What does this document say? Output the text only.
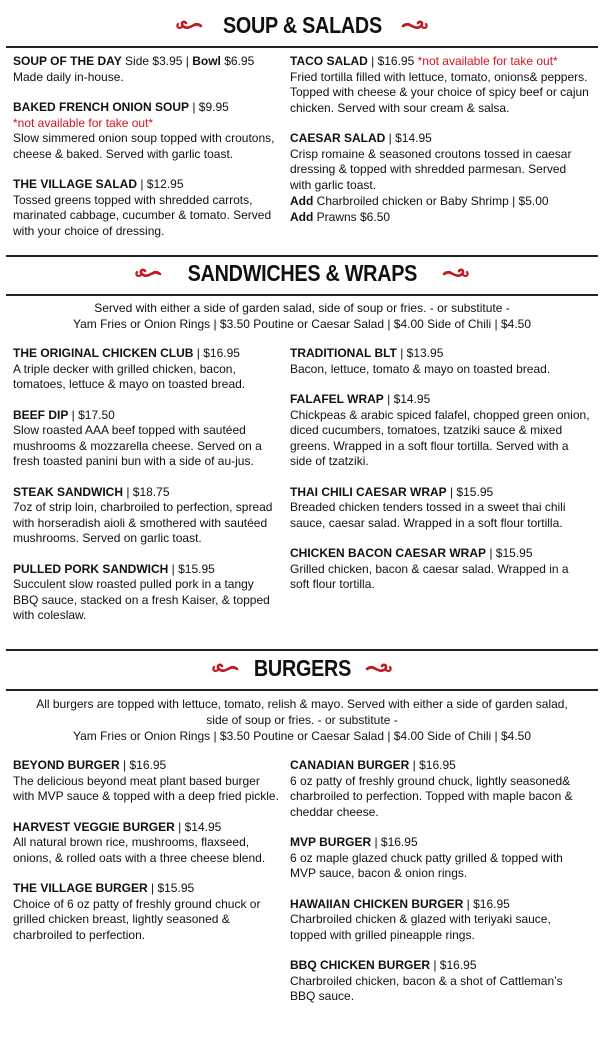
SOUP & SALADS
SOUP OF THE DAY Side $3.95 | Bowl $6.95
Made daily in-house.
BAKED FRENCH ONION SOUP | $9.95
*not available for take out*
Slow simmered onion soup topped with croutons, cheese & baked. Served with garlic toast.
THE VILLAGE SALAD | $12.95
Tossed greens topped with shredded carrots, marinated cabbage, cucumber & tomato. Served with your choice of dressing.
TACO SALAD | $16.95 *not available for take out*
Fried tortilla filled with lettuce, tomato, onions& peppers. Topped with cheese & your choice of spicy beef or cajun chicken. Served with sour cream & salsa.
CAESAR SALAD | $14.95
Crisp romaine & seasoned croutons tossed in caesar dressing & topped with shredded parmesan. Served with garlic toast.
Add Charbroiled chicken or Baby Shrimp | $5.00
Add Prawns $6.50
SANDWICHES & WRAPS
Served with either a side of garden salad, side of soup or fries. - or substitute -
Yam Fries or Onion Rings | $3.50 Poutine or Caesar Salad | $4.00 Side of Chili | $4.50
THE ORIGINAL CHICKEN CLUB | $16.95
A triple decker with grilled chicken, bacon, tomatoes, lettuce & mayo on toasted bread.
BEEF DIP | $17.50
Slow roasted AAA beef topped with sautéed mushrooms & mozzarella cheese. Served on a fresh toasted panini bun with a side of au-jus.
STEAK SANDWICH | $18.75
7oz of strip loin, charbroiled to perfection, spread with horseradish aioli & smothered with sautéed mushrooms. Served on garlic toast.
PULLED PORK SANDWICH | $15.95
Succulent slow roasted pulled pork in a tangy BBQ sauce, stacked on a fresh Kaiser, & topped with coleslaw.
TRADITIONAL BLT | $13.95
Bacon, lettuce, tomato & mayo on toasted bread.
FALAFEL WRAP | $14.95
Chickpeas & arabic spiced falafel, chopped green onion, diced cucumbers, tomatoes, tzatziki sauce & mixed greens. Wrapped in a soft flour tortilla. Served with a side of tzatziki.
THAI CHILI CAESAR WRAP | $15.95
Breaded chicken tenders tossed in a sweet thai chili sauce, caesar salad. Wrapped in a soft flour tortilla.
CHICKEN BACON CAESAR WRAP | $15.95
Grilled chicken, bacon & caesar salad. Wrapped in a soft flour tortilla.
BURGERS
All burgers are topped with lettuce, tomato, relish & mayo. Served with either a side of garden salad,
side of soup or fries. - or substitute -
Yam Fries or Onion Rings | $3.50 Poutine or Caesar Salad | $4.00 Side of Chili | $4.50
BEYOND BURGER | $16.95
The delicious beyond meat plant based burger with MVP sauce & topped with a deep fried pickle.
HARVEST VEGGIE BURGER | $14.95
All natural brown rice, mushrooms, flaxseed, onions, & rolled oats with a three cheese blend.
THE VILLAGE BURGER | $15.95
Choice of 6 oz patty of freshly ground chuck or grilled chicken breast, lightly seasoned & charbroiled to perfection.
CANADIAN BURGER | $16.95
6 oz patty of freshly ground chuck, lightly seasoned& charbroiled to perfection. Topped with maple bacon & cheddar cheese.
MVP BURGER | $16.95
6 oz maple glazed chuck patty grilled & topped with MVP sauce, bacon & onion rings.
HAWAIIAN CHICKEN BURGER | $16.95
Charbroiled chicken & glazed with teriyaki sauce, topped with grilled pineapple rings.
BBQ CHICKEN BURGER | $16.95
Charbroiled chicken, bacon & a shot of Cattleman’s BBQ sauce.
